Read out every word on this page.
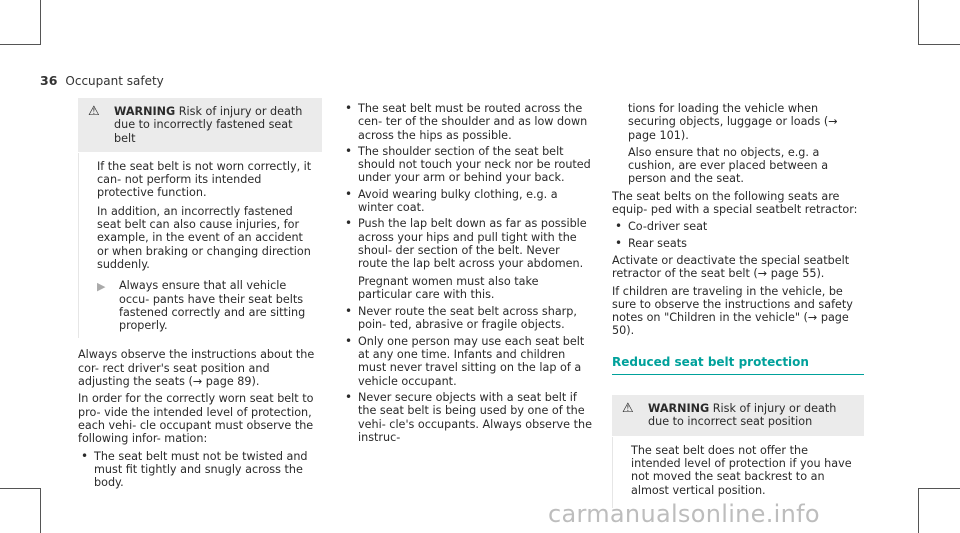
36 Occupant safety
⚠	WARNING Risk of injury or death due to incorrectly fastened seat belt

If the seat belt is not worn correctly, it can- not perform its intended protective function.

In addition, an incorrectly fastened seat belt can also cause injuries, for example, in the event of an accident or when braking or changing direction suddenly.

▶	Always ensure that all vehicle occu- pants have their seat belts fastened correctly and are sitting properly.

Always observe the instructions about the cor- rect driver's seat position and adjusting the seats (→ page 89).

In order for the correctly worn seat belt to pro- vide the intended level of protection, each vehi- cle occupant must observe the following infor- mation:

• The seat belt must not be twisted and must fit tightly and snugly across the body.
• The seat belt must be routed across the cen- ter of the shoulder and as low down across the hips as possible.
• The shoulder section of the seat belt should not touch your neck nor be routed under your arm or behind your back.
• Avoid wearing bulky clothing, e.g. a winter coat.
• Push the lap belt down as far as possible across your hips and pull tight with the shoul- der section of the belt. Never route the lap belt across your abdomen.

Pregnant women must also take particular care with this.

• Never route the seat belt across sharp, poin- ted, abrasive or fragile objects.
• Only one person may use each seat belt at any one time. Infants and children must never travel sitting on the lap of a vehicle occupant.
• Never secure objects with a seat belt if the seat belt is being used by one of the vehi- cle's occupants. Always observe the instruc-

tions for loading the vehicle when securing objects, luggage or loads (→ page 101).

Also ensure that no objects, e.g. a cushion, are ever placed between a person and the seat.

The seat belts on the following seats are equip- ped with a special seatbelt retractor:

• Co-driver seat
• Rear seats

Activate or deactivate the special seatbelt retractor of the seat belt (→ page 55).

If children are traveling in the vehicle, be sure to observe the instructions and safety notes on "Children in the vehicle" (→ page 50).

Reduced seat belt protection
⚠	WARNING Risk of injury or death due to incorrect seat position

The seat belt does not offer the intended level of protection if you have not moved the seat backrest to an almost vertical position.

carmanualsonline.info
